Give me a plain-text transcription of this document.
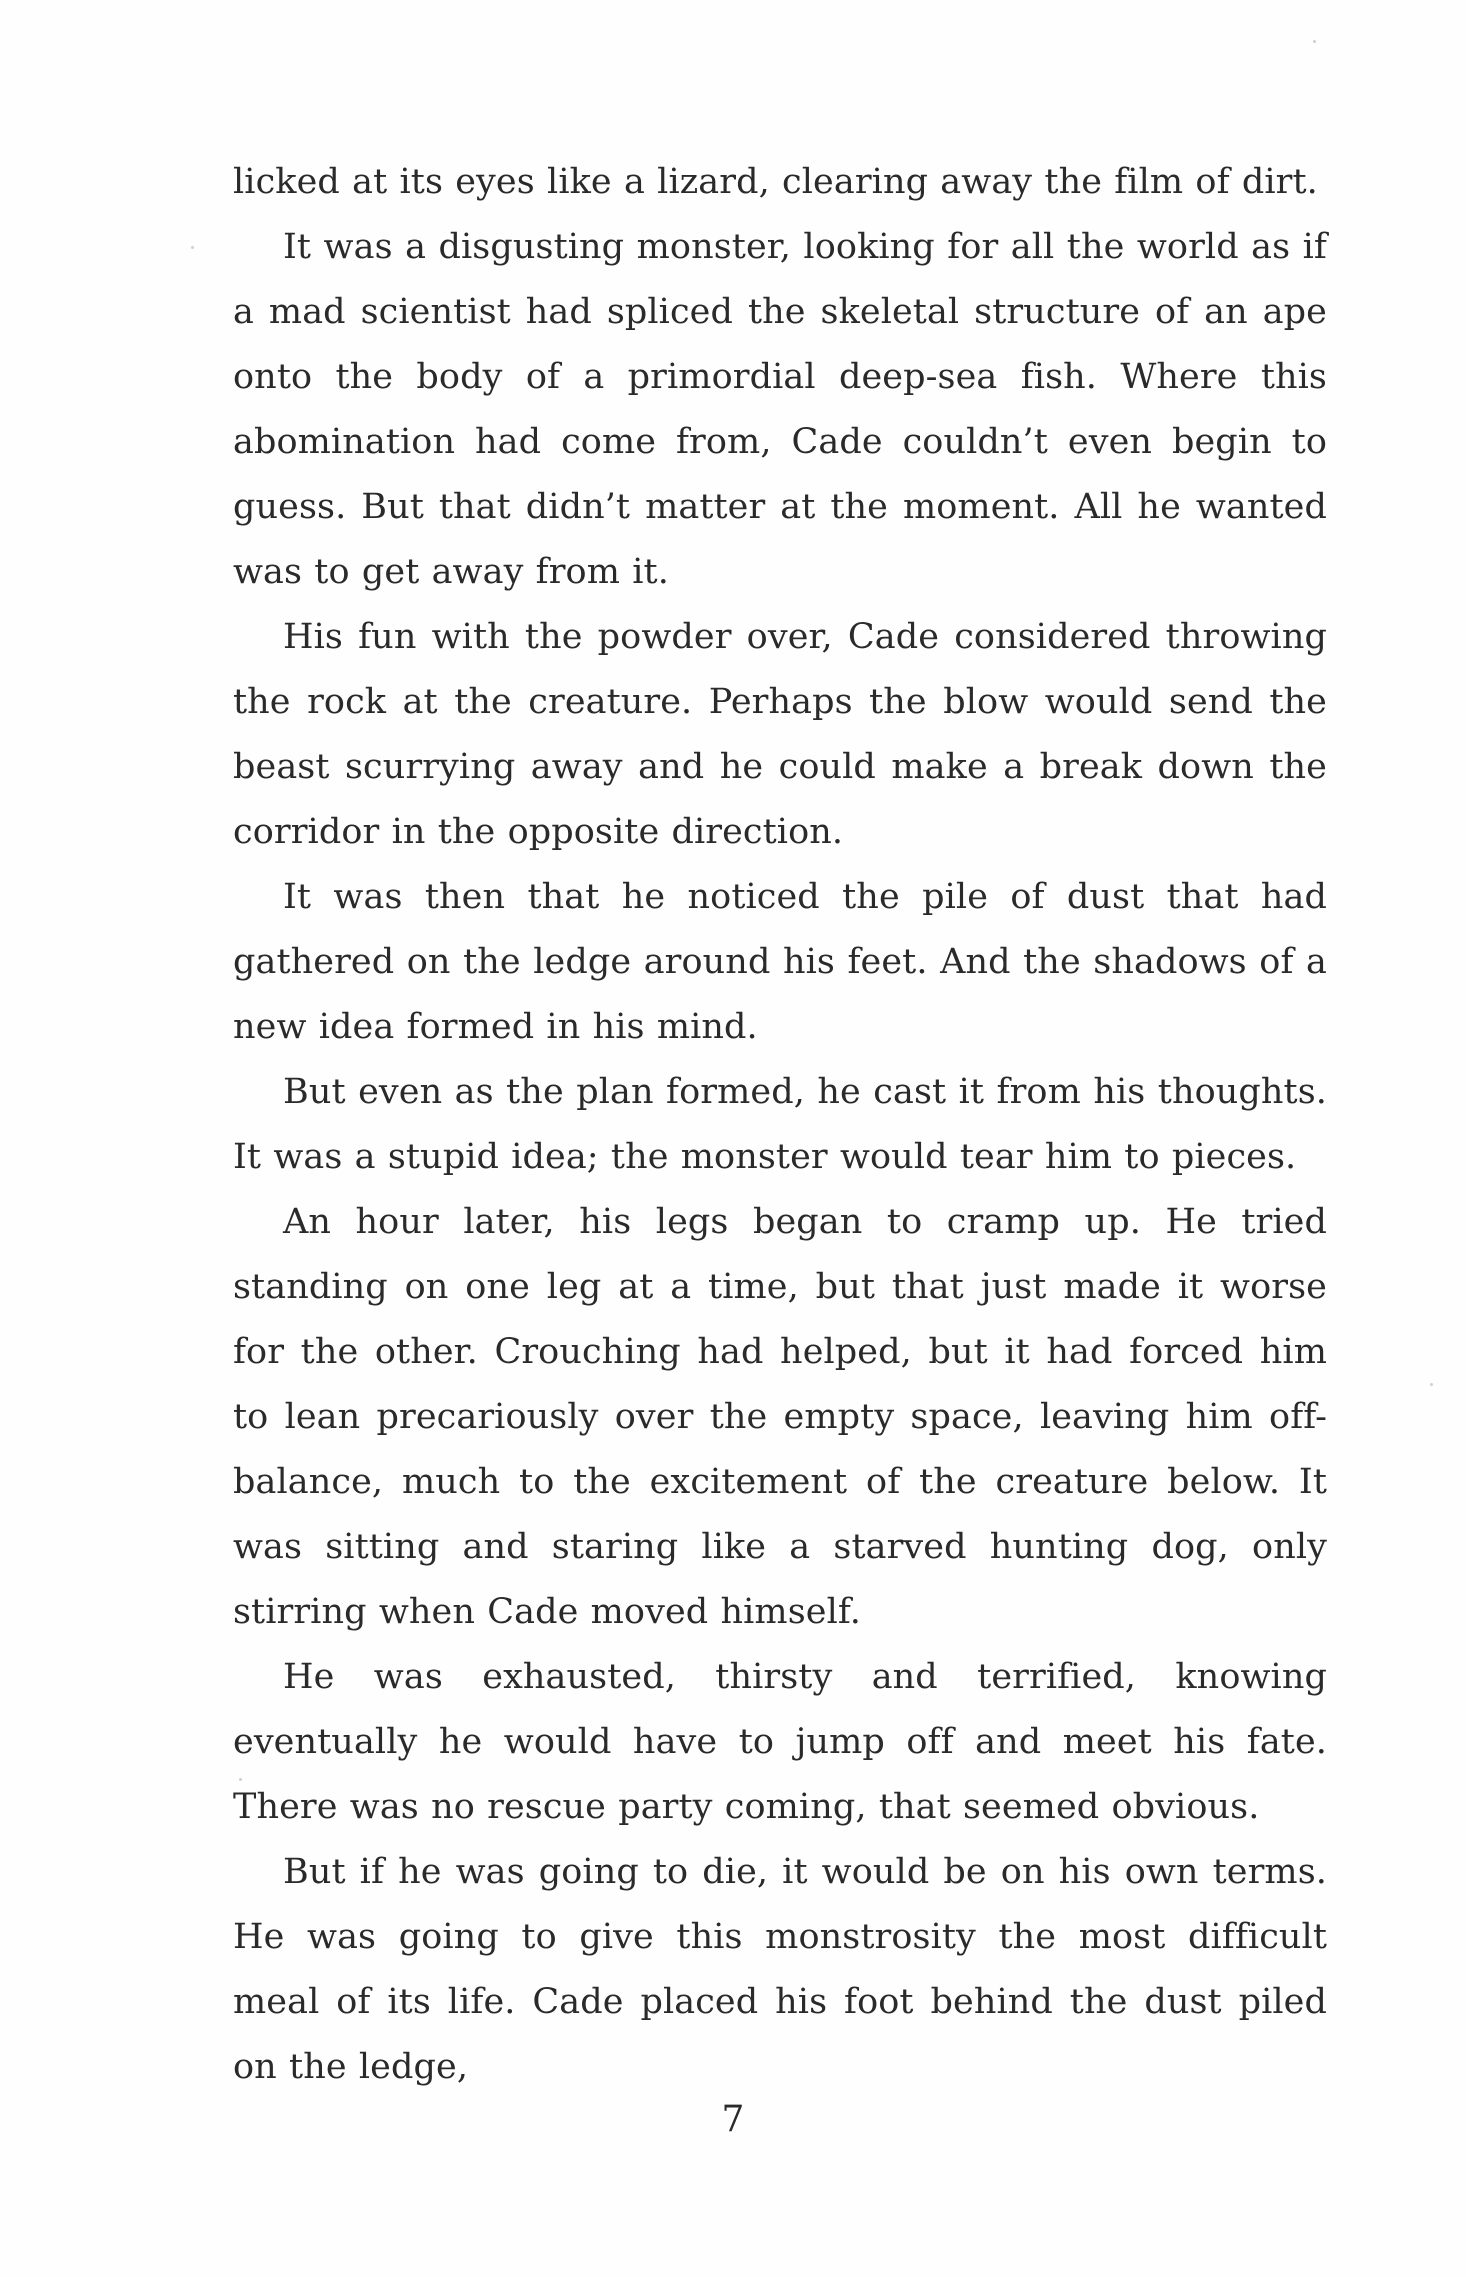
licked at its eyes like a lizard, clearing away the film of dirt.

It was a disgusting monster, looking for all the world as if a mad scientist had spliced the skeletal structure of an ape onto the body of a primordial deep-sea fish. Where this abomination had come from, Cade couldn’t even begin to guess. But that didn’t matter at the moment. All he wanted was to get away from it.

His fun with the powder over, Cade considered throwing the rock at the creature. Perhaps the blow would send the beast scurrying away and he could make a break down the corridor in the opposite direction.

It was then that he noticed the pile of dust that had gathered on the ledge around his feet. And the shadows of a new idea formed in his mind.

But even as the plan formed, he cast it from his thoughts. It was a stupid idea; the monster would tear him to pieces.

An hour later, his legs began to cramp up. He tried standing on one leg at a time, but that just made it worse for the other. Crouching had helped, but it had forced him to lean precariously over the empty space, leaving him off-balance, much to the excitement of the creature below. It was sitting and staring like a starved hunting dog, only stirring when Cade moved himself.

He was exhausted, thirsty and terrified, knowing eventually he would have to jump off and meet his fate. There was no rescue party coming, that seemed obvious.

But if he was going to die, it would be on his own terms. He was going to give this monstrosity the most difficult meal of its life. Cade placed his foot behind the dust piled on the ledge,

7
